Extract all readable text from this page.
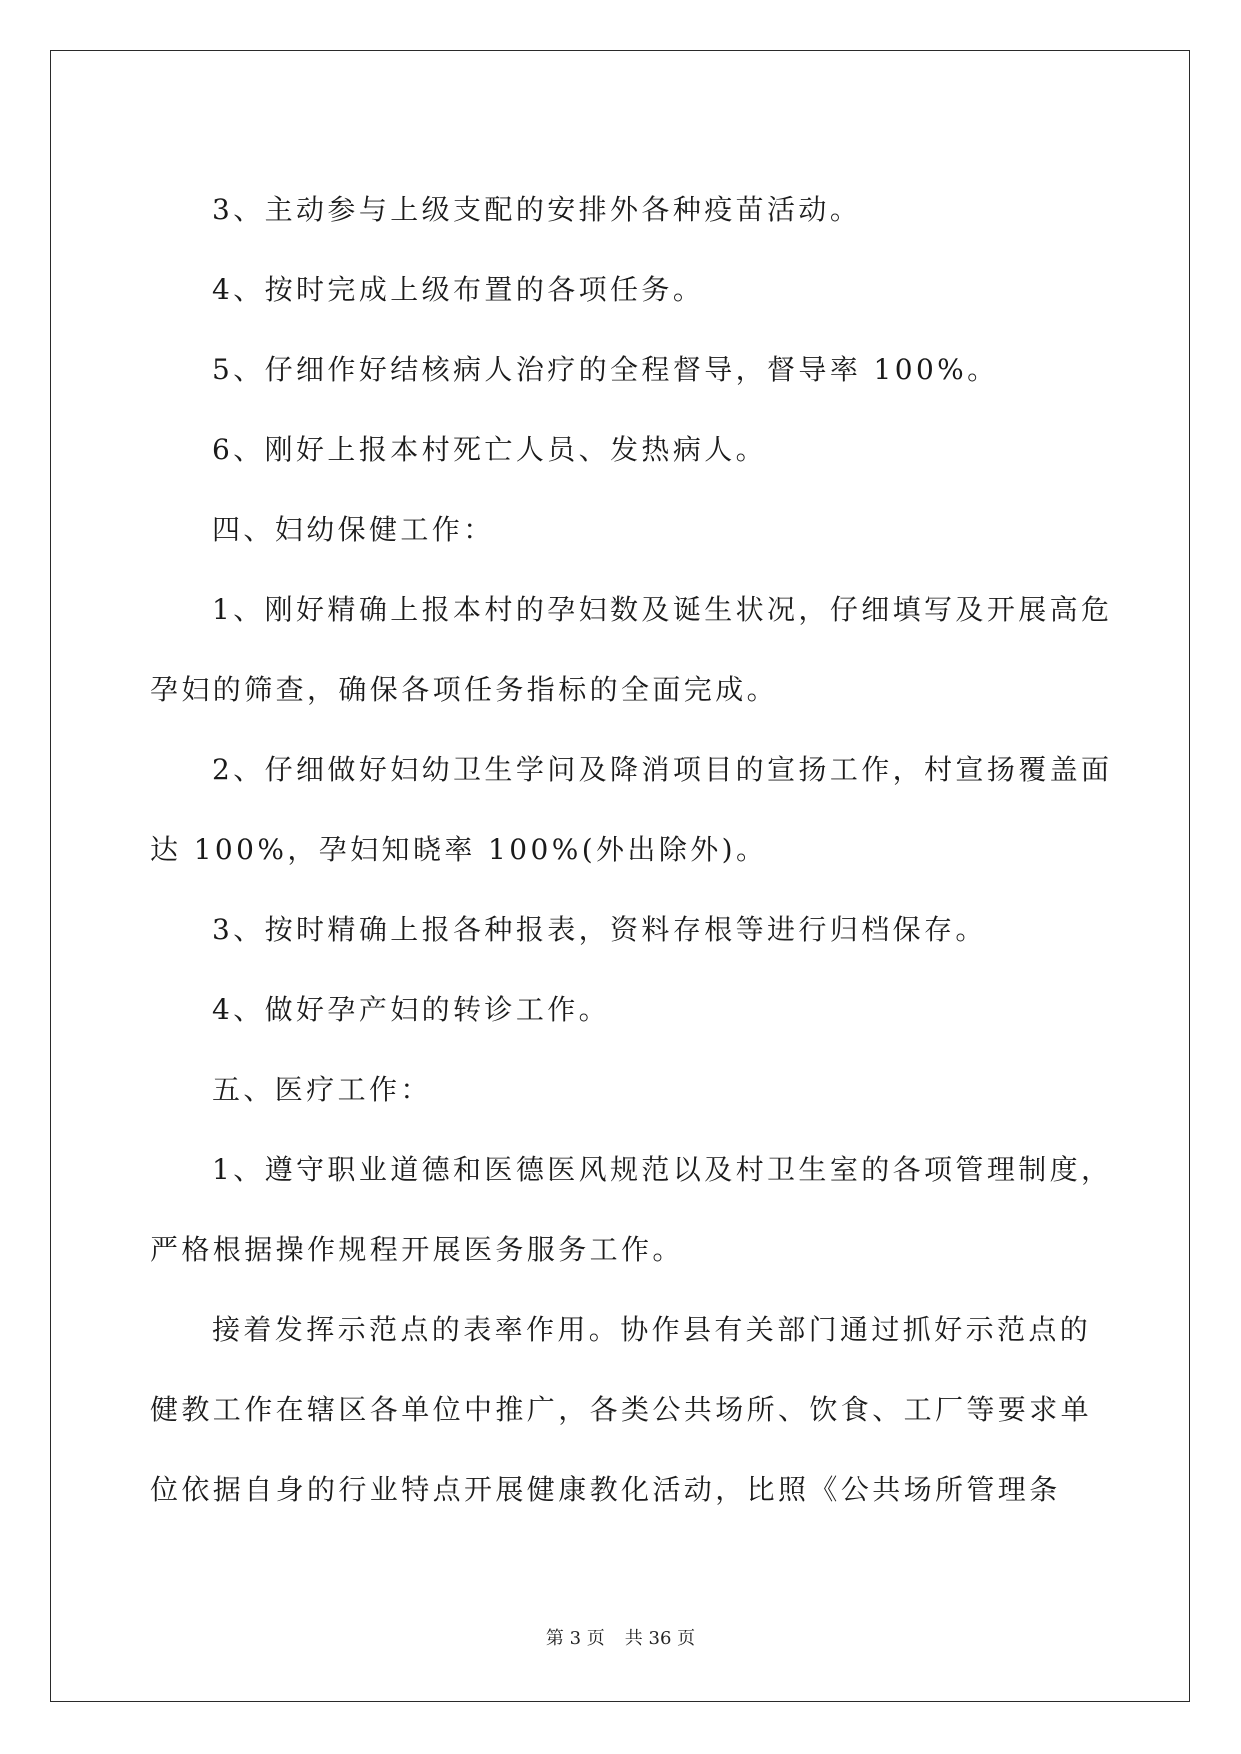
3、主动参与上级支配的安排外各种疫苗活动。

4、按时完成上级布置的各项任务。

5、仔细作好结核病人治疗的全程督导，督导率 100%。

6、刚好上报本村死亡人员、发热病人。

四、妇幼保健工作：

1、刚好精确上报本村的孕妇数及诞生状况，仔细填写及开展高危

孕妇的筛查，确保各项任务指标的全面完成。

2、仔细做好妇幼卫生学问及降消项目的宣扬工作，村宣扬覆盖面

达 100%，孕妇知晓率 100%(外出除外)。

3、按时精确上报各种报表，资料存根等进行归档保存。

4、做好孕产妇的转诊工作。

五、医疗工作：

1、遵守职业道德和医德医风规范以及村卫生室的各项管理制度，

严格根据操作规程开展医务服务工作。

接着发挥示范点的表率作用。协作县有关部门通过抓好示范点的

健教工作在辖区各单位中推广，各类公共场所、饮食、工厂等要求单

位依据自身的行业特点开展健康教化活动，比照《公共场所管理条

第 3 页 共 36 页
